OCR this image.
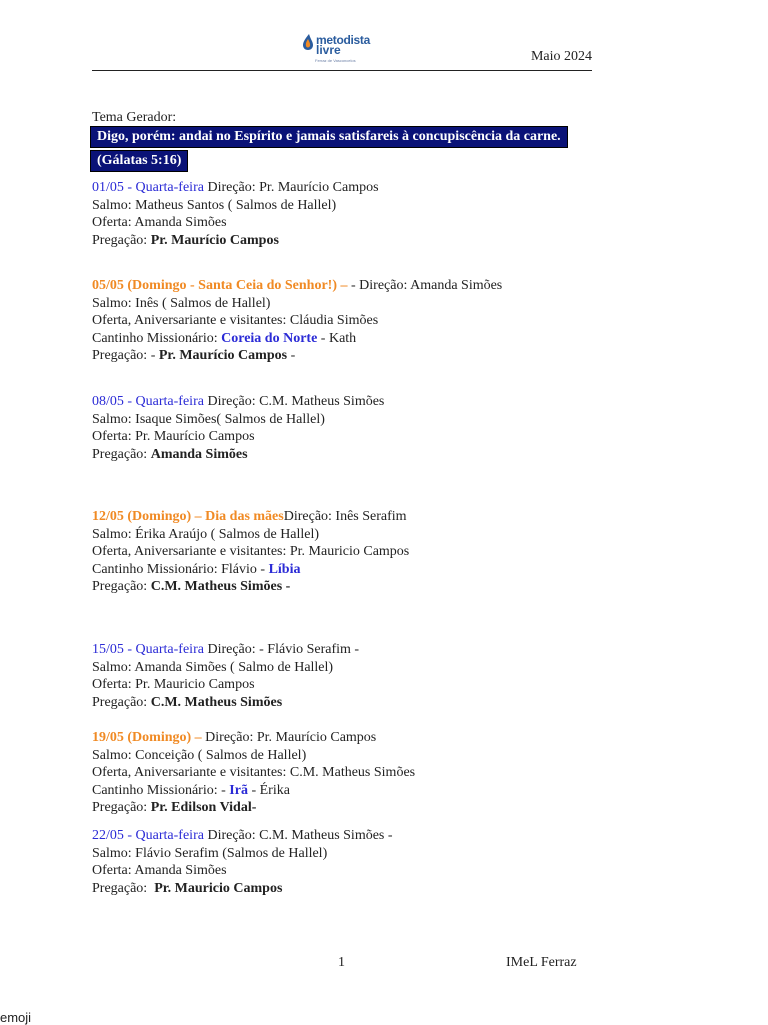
metodista
livre
Ferraz de Vasconcelos	Maio 2024
Tema Gerador:
Digo, porém: andai no Espírito e jamais satisfareis à concupiscência da carne.
(Gálatas 5:16)
01/05 - Quarta-feira Direção: Pr. Maurício Campos
Salmo: Matheus Santos ( Salmos de Hallel)
Oferta: Amanda Simões
Pregação: Pr. Maurício Campos
05/05 (Domingo - Santa Ceia do Senhor!) – - Direção: Amanda Simões
Salmo: Inês ( Salmos de Hallel)
Oferta, Aniversariante e visitantes: Cláudia Simões
Cantinho Missionário: Coreia do Norte - Kath
Pregação: - Pr. Maurício Campos -
08/05 - Quarta-feira Direção: C.M. Matheus Simões
Salmo: Isaque Simões( Salmos de Hallel)
Oferta: Pr. Maurício Campos
Pregação: Amanda Simões
12/05 (Domingo) – Dia das mãesDireção: Inês Serafim
Salmo: Érika Araújo ( Salmos de Hallel)
Oferta, Aniversariante e visitantes: Pr. Mauricio Campos
Cantinho Missionário: Flávio - Líbia
Pregação: C.M. Matheus Simões -
15/05 - Quarta-feira Direção: - Flávio Serafim -
Salmo: Amanda Simões ( Salmo de Hallel)
Oferta: Pr. Mauricio Campos
Pregação: C.M. Matheus Simões
19/05 (Domingo) – Direção: Pr. Maurício Campos
Salmo: Conceição ( Salmos de Hallel)
Oferta, Aniversariante e visitantes: C.M. Matheus Simões
Cantinho Missionário: - Irã - Érika
Pregação: Pr. Edilson Vidal-
22/05 - Quarta-feira Direção: C.M. Matheus Simões -
Salmo: Flávio Serafim (Salmos de Hallel)
Oferta: Amanda Simões
Pregação:  Pr. Mauricio Campos
1	IMeL Ferraz
emoji
